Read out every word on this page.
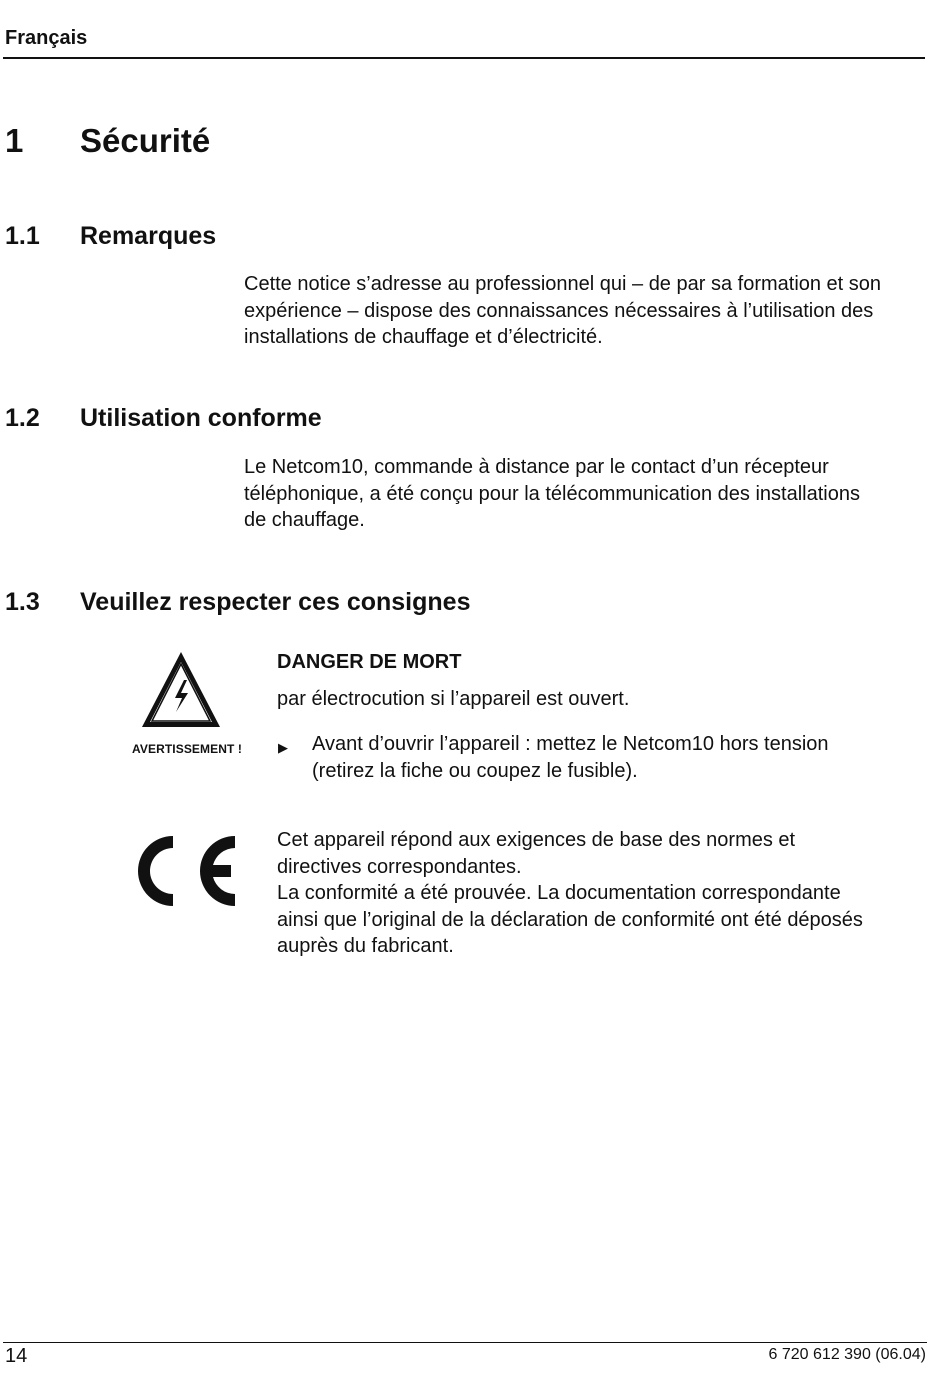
Français
1 Sécurité
1.1 Remarques
Cette notice s’adresse au professionnel qui – de par sa formation et son
expérience – dispose des connaissances nécessaires à l’utilisation des
installations de chauffage et d’électricité.
1.2 Utilisation conforme
Le Netcom10, commande à distance par le contact d’un récepteur
téléphonique, a été conçu pour la télécommunication des installations
de chauffage.
1.3 Veuillez respecter ces consignes
AVERTISSEMENT !
DANGER DE MORT
par électrocution si l’appareil est ouvert.
▶ Avant d’ouvrir l’appareil : mettez le Netcom10 hors tension
(retirez la fiche ou coupez le fusible).
Cet appareil répond aux exigences de base des normes et
directives correspondantes.
La conformité a été prouvée. La documentation correspondante
ainsi que l’original de la déclaration de conformité ont été déposés
auprès du fabricant.
14	6 720 612 390 (06.04)
